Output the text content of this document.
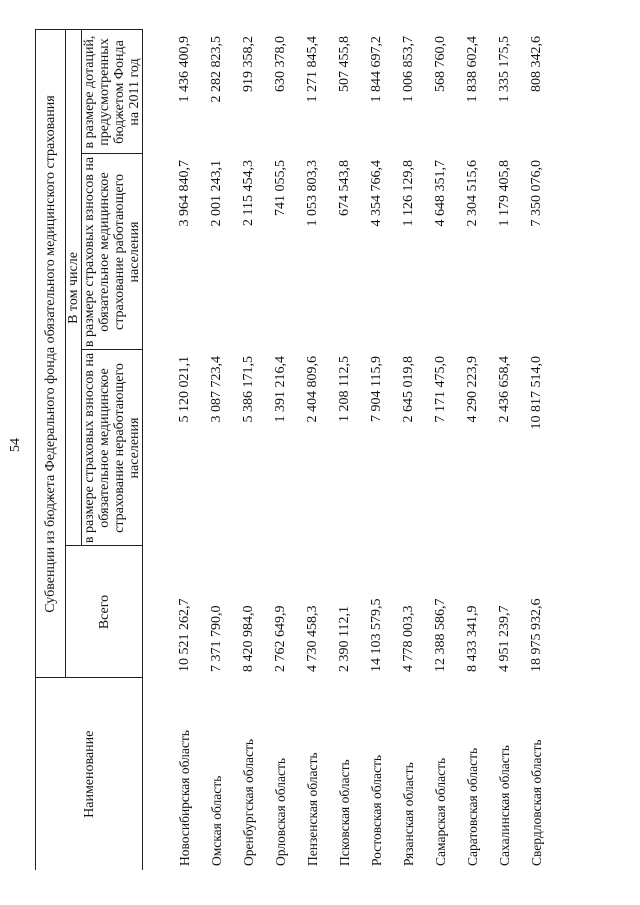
54
Наименование	Субвенции из бюджета Федерального фонда обязательного медицинского страхования			
	Всего	В том числе		
		в размере страховых взносов на обязательное медицинское страхование неработающего населения	в размере страховых взносов на обязательное медицинское страхование работающего населения	в размере дотаций, предусмотренных бюджетом Фонда на 2011 год

Новосибирская область	10 521 262,7	5 120 021,1	3 964 840,7	1 436 400,9
Омская область	7 371 790,0	3 087 723,4	2 001 243,1	2 282 823,5
Оренбургская область	8 420 984,0	5 386 171,5	2 115 454,3	919 358,2
Орловская область	2 762 649,9	1 391 216,4	741 055,5	630 378,0
Пензенская область	4 730 458,3	2 404 809,6	1 053 803,3	1 271 845,4
Псковская область	2 390 112,1	1 208 112,5	674 543,8	507 455,8
Ростовская область	14 103 579,5	7 904 115,9	4 354 766,4	1 844 697,2
Рязанская область	4 778 003,3	2 645 019,8	1 126 129,8	1 006 853,7
Самарская область	12 388 586,7	7 171 475,0	4 648 351,7	568 760,0
Саратовская область	8 433 341,9	4 290 223,9	2 304 515,6	1 838 602,4
Сахалинская область	4 951 239,7	2 436 658,4	1 179 405,8	1 335 175,5
Свердловская область	18 975 932,6	10 817 514,0	7 350 076,0	808 342,6
